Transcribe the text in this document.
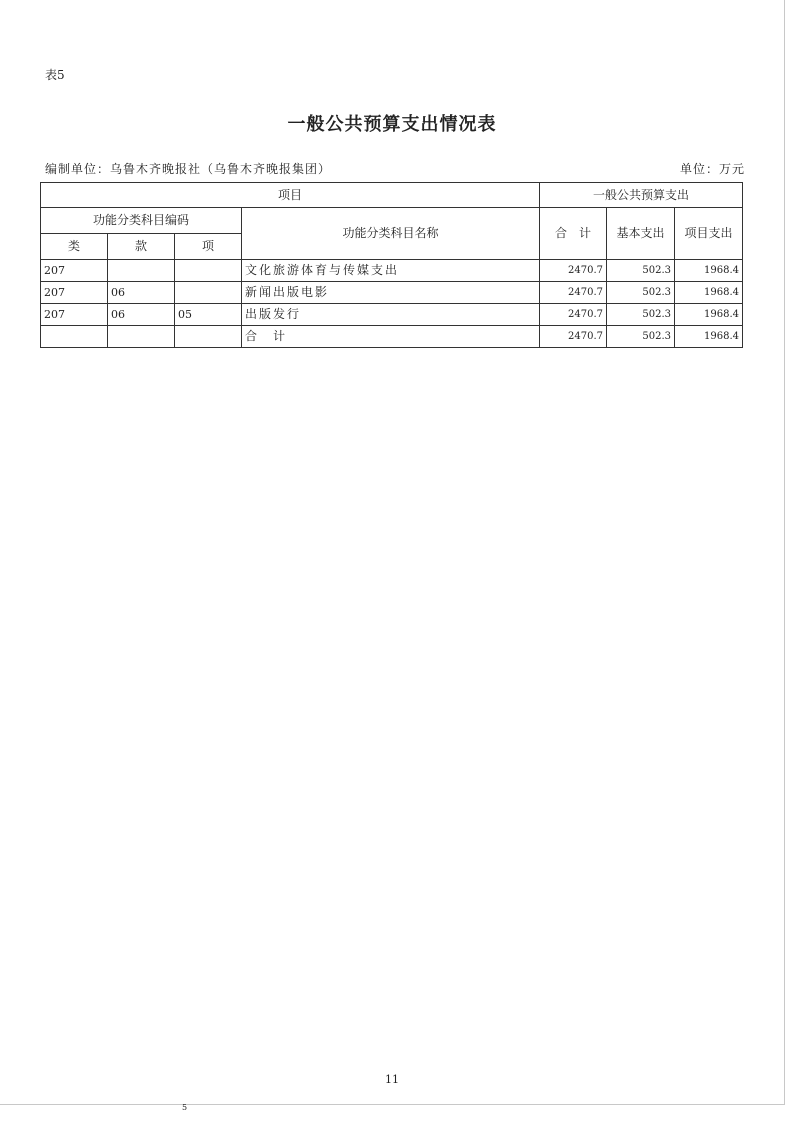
表5
一般公共预算支出情况表
编制单位：乌鲁木齐晚报社（乌鲁木齐晚报集团）	单位：万元
项目				一般公共预算支出		
功能分类科目编码			功能分类科目名称	合　计	基本支出	项目支出
类	款	项				
207			文化旅游体育与传媒支出	2470.7	502.3	1968.4
207	06		新闻出版电影	2470.7	502.3	1968.4
207	06	05	出版发行	2470.7	502.3	1968.4
			合　计	2470.7	502.3	1968.4
11
5
